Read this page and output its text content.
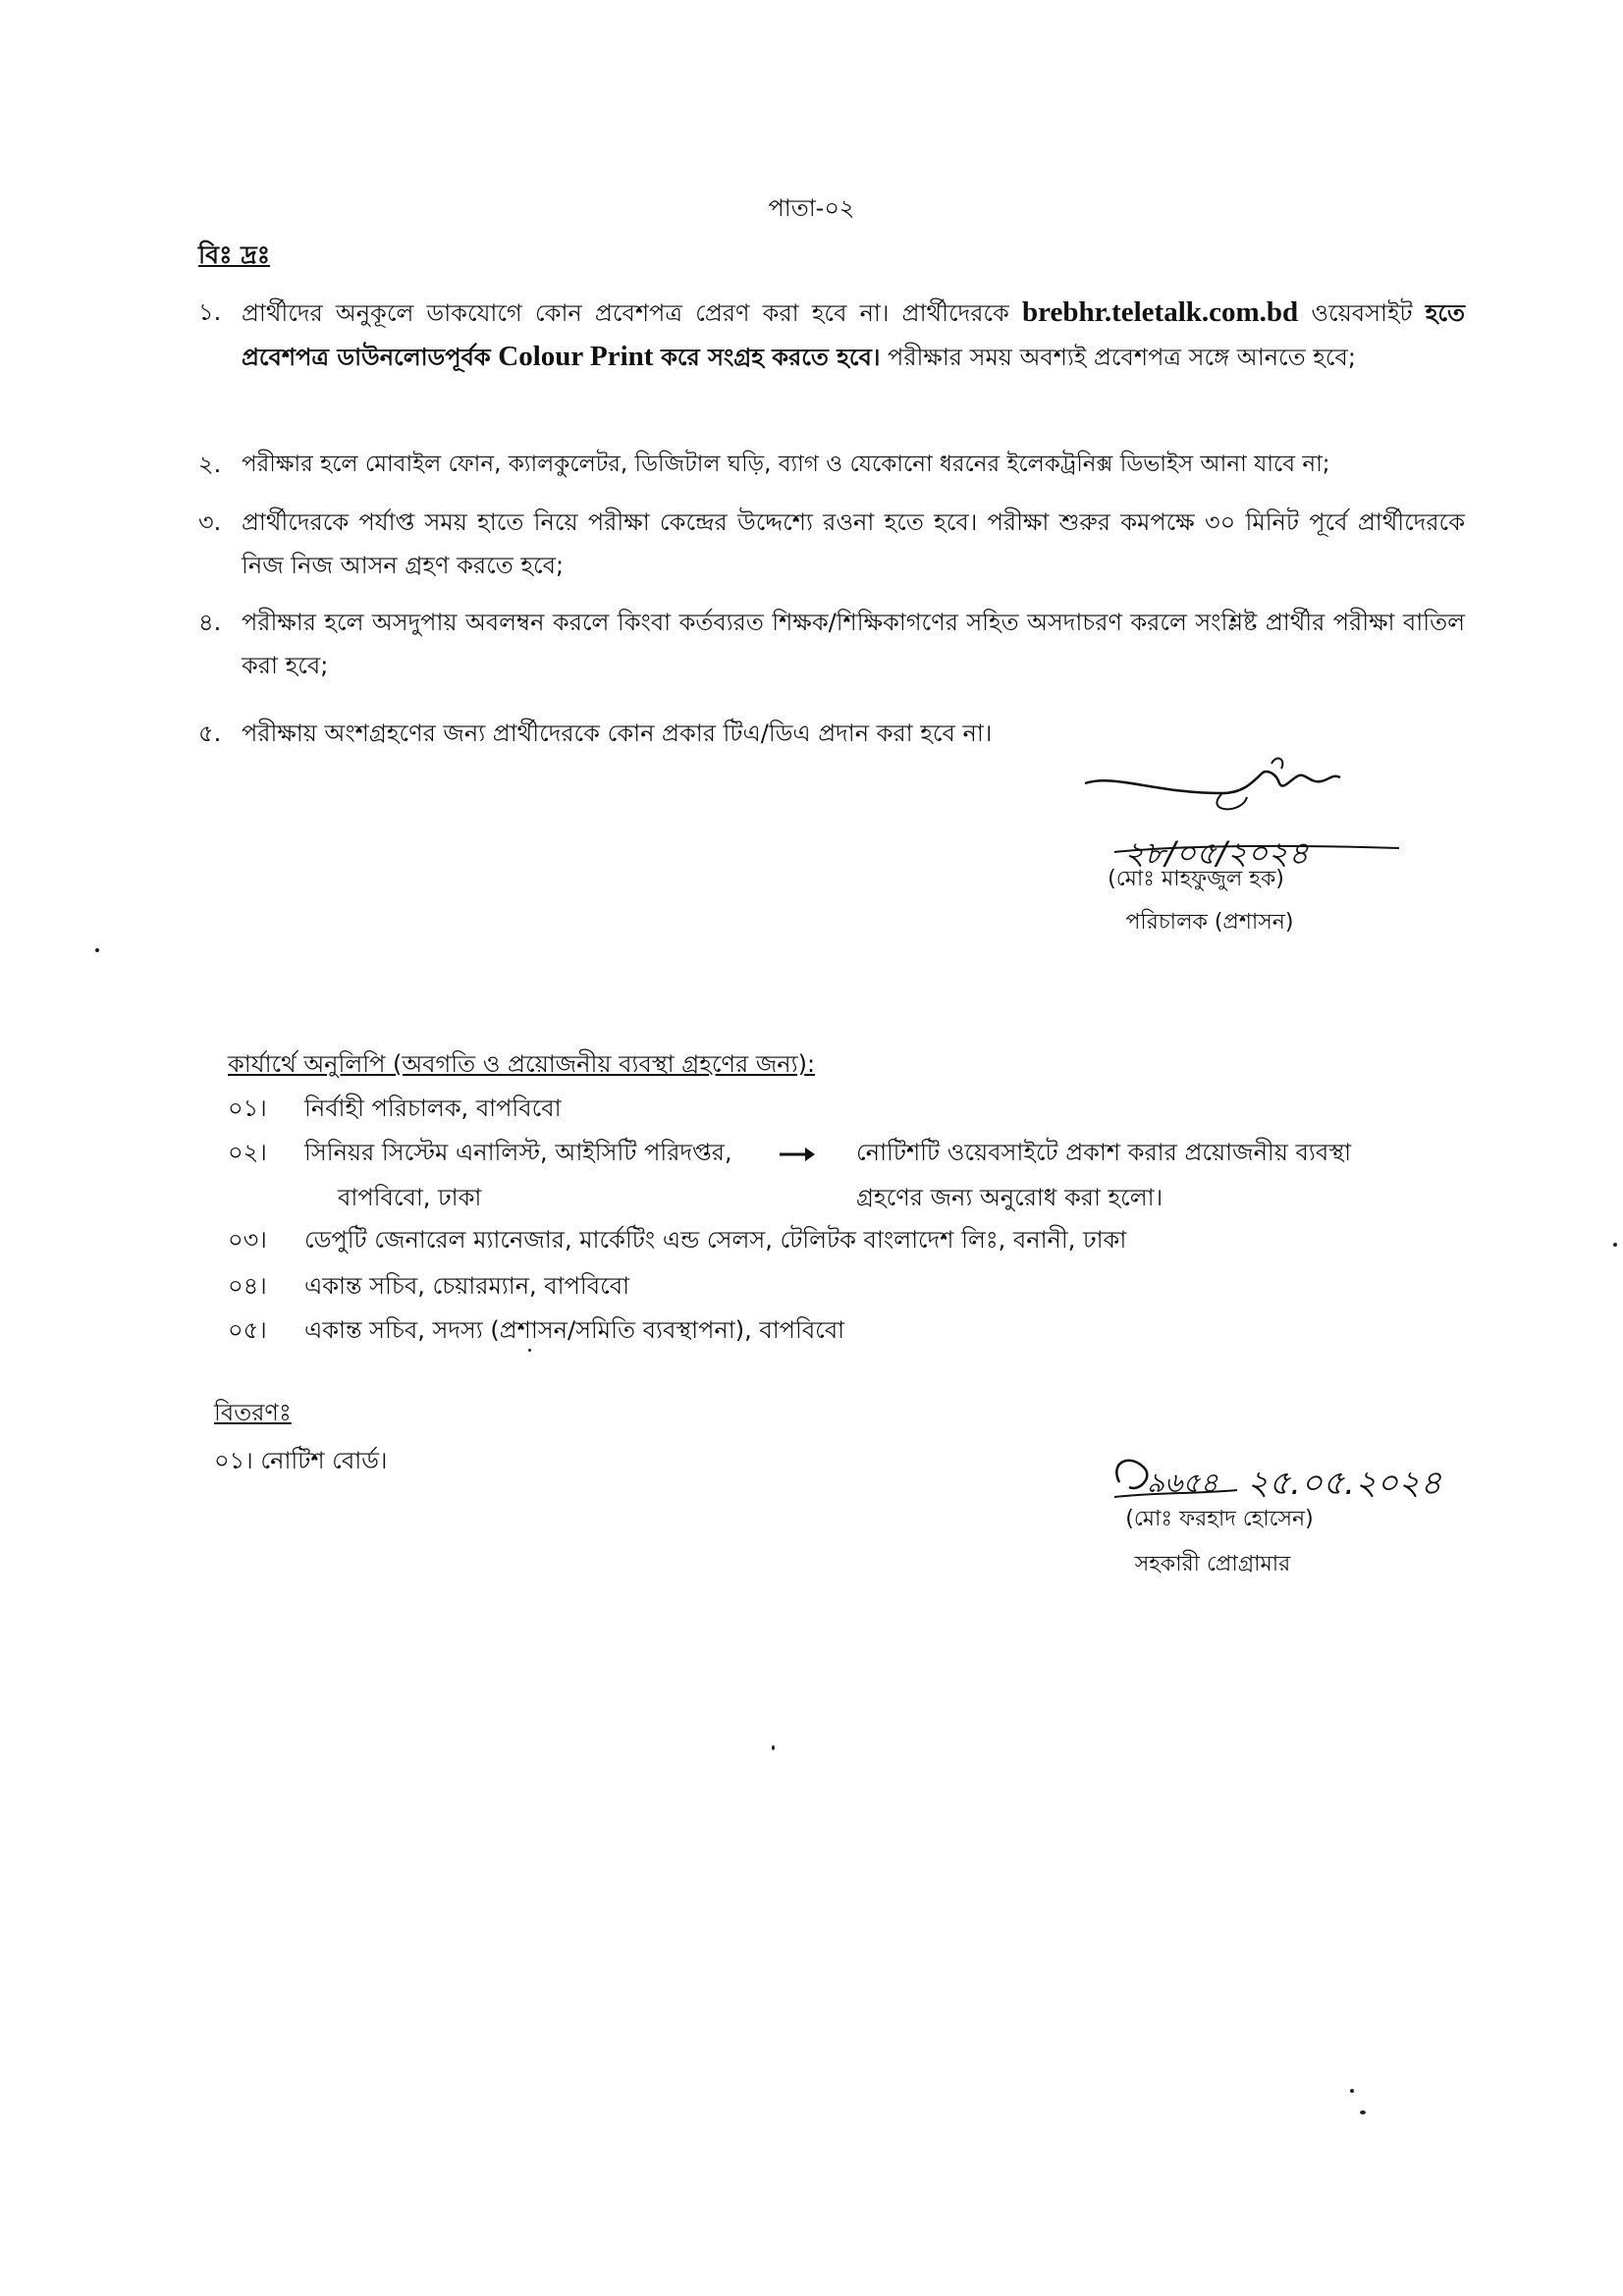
পাতা-০২
বিঃ দ্রঃ
১. প্রার্থীদের অনুকূলে ডাকযোগে কোন প্রবেশপত্র প্রেরণ করা হবে না। প্রার্থীদেরকে brebhr.teletalk.com.bd ওয়েবসাইট হতে প্রবেশপত্র ডাউনলোডপূর্বক Colour Print করে সংগ্রহ করতে হবে। পরীক্ষার সময় অবশ্যই প্রবেশপত্র সঙ্গে আনতে হবে;
২. পরীক্ষার হলে মোবাইল ফোন, ক্যালকুলেটর, ডিজিটাল ঘড়ি, ব্যাগ ও যেকোনো ধরনের ইলেকট্রনিক্স ডিভাইস আনা যাবে না;
৩. প্রার্থীদেরকে পর্যাপ্ত সময় হাতে নিয়ে পরীক্ষা কেন্দ্রের উদ্দেশ্যে রওনা হতে হবে। পরীক্ষা শুরুর কমপক্ষে ৩০ মিনিট পূর্বে প্রার্থীদেরকে নিজ নিজ আসন গ্রহণ করতে হবে;
৪. পরীক্ষার হলে অসদুপায় অবলম্বন করলে কিংবা কর্তব্যরত শিক্ষক/শিক্ষিকাগণের সহিত অসদাচরণ করলে সংশ্লিষ্ট প্রার্থীর পরীক্ষা বাতিল করা হবে;
৫. পরীক্ষায় অংশগ্রহণের জন্য প্রার্থীদেরকে কোন প্রকার টিএ/ডিএ প্রদান করা হবে না।
২৮/০৫/২০২৪
(মোঃ মাহফুজুল হক)
পরিচালক (প্রশাসন)
কার্যার্থে অনুলিপি (অবগতি ও প্রয়োজনীয় ব্যবস্থা গ্রহণের জন্য):
০১। নির্বাহী পরিচালক, বাপবিবো
০২। সিনিয়র সিস্টেম এনালিস্ট, আইসিটি পরিদপ্তর,
বাপবিবো, ঢাকা
নোটিশটি ওয়েবসাইটে প্রকাশ করার প্রয়োজনীয় ব্যবস্থা
গ্রহণের জন্য অনুরোধ করা হলো।
০৩। ডেপুটি জেনারেল ম্যানেজার, মার্কেটিং এন্ড সেলস, টেলিটক বাংলাদেশ লিঃ, বনানী, ঢাকা
০৪। একান্ত সচিব, চেয়ারম্যান, বাপবিবো
০৫। একান্ত সচিব, সদস্য (প্রশাসন/সমিতি ব্যবস্থাপনা), বাপবিবো
বিতরণঃ
০১। নোটিশ বোর্ড।
৯৬৫৪ ২৫.০৫.২০২৪
(মোঃ ফরহাদ হোসেন)
সহকারী প্রোগ্রামার
